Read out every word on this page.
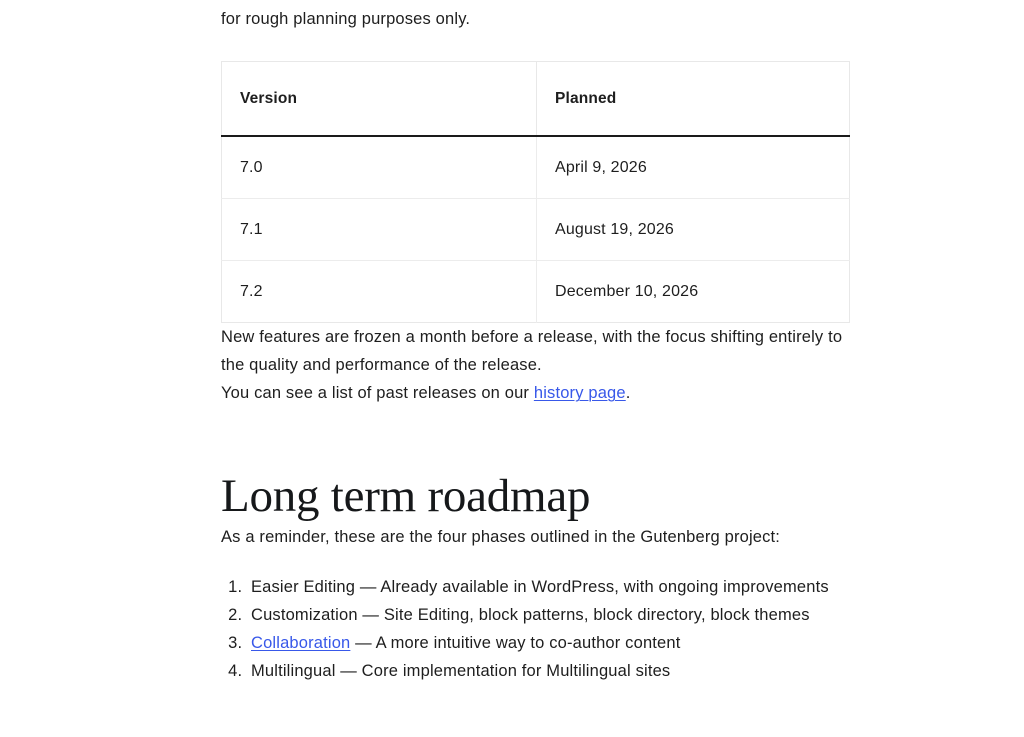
for rough planning purposes only.

Version	Planned
7.0	April 9, 2026
7.1	August 19, 2026
7.2	December 10, 2026

New features are frozen a month before a release, with the focus shifting entirely to the quality and performance of the release.

You can see a list of past releases on our history page.

Long term roadmap

As a reminder, these are the four phases outlined in the Gutenberg project:

1. Easier Editing — Already available in WordPress, with ongoing improvements
2. Customization — Site Editing, block patterns, block directory, block themes
3. Collaboration — A more intuitive way to co-author content
4. Multilingual — Core implementation for Multilingual sites
